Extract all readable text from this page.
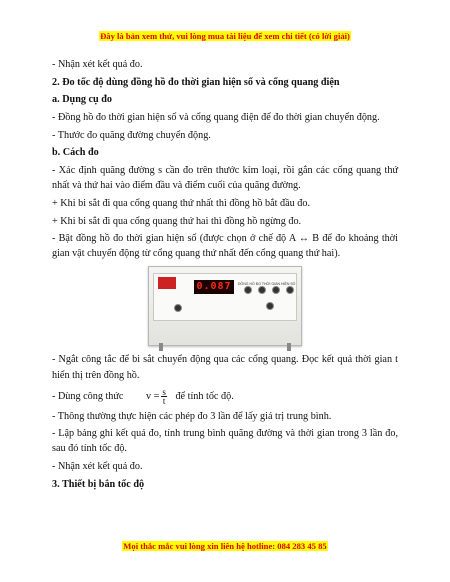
Đây là bản xem thử, vui lòng mua tài liệu để xem chi tiết (có lời giải)

- Nhận xét kết quả đo.

2. Đo tốc độ dùng đồng hồ đo thời gian hiện số và cổng quang điện

a. Dụng cụ đo

- Đồng hồ đo thời gian hiện số và cổng quang điện để đo thời gian chuyển động.

- Thước đo quãng đường chuyển động.

b. Cách đo

- Xác định quãng đường s cần đo trên thước kim loại, rồi gắn các cổng quang thứ nhất và thứ hai vào điểm đầu và điểm cuối của quãng đường.

+ Khi bi sắt đi qua cổng quang thứ nhất thì đồng hồ bắt đầu đo.

+ Khi bi sắt đi qua cổng quang thứ hai thì đồng hồ ngừng đo.

- Bật đồng hồ đo thời gian hiện số (được chọn ở chế độ A ↔ B để đo khoảng thời gian vật chuyển động từ cổng quang thứ nhất đến cổng quang thứ hai).

ĐỒNG HỒ ĐO THỜI GIAN HIỆN SỐ
0.087

- Ngắt công tắc để bi sắt chuyển động qua các cổng quang. Đọc kết quả thời gian t hiển thị trên đồng hồ.

- Dùng công thức $v = \frac{s}{t}$ để tính tốc độ.

- Thông thường thực hiện các phép đo 3 lần để lấy giá trị trung bình.

- Lập bảng ghi kết quả đo, tính trung bình quãng đường và thời gian trong 3 lần đo, sau đó tính tốc độ.

- Nhận xét kết quả đo.

3. Thiết bị bắn tốc độ

Mọi thắc mắc vui lòng xin liên hệ hotline: 084 283 45 85
